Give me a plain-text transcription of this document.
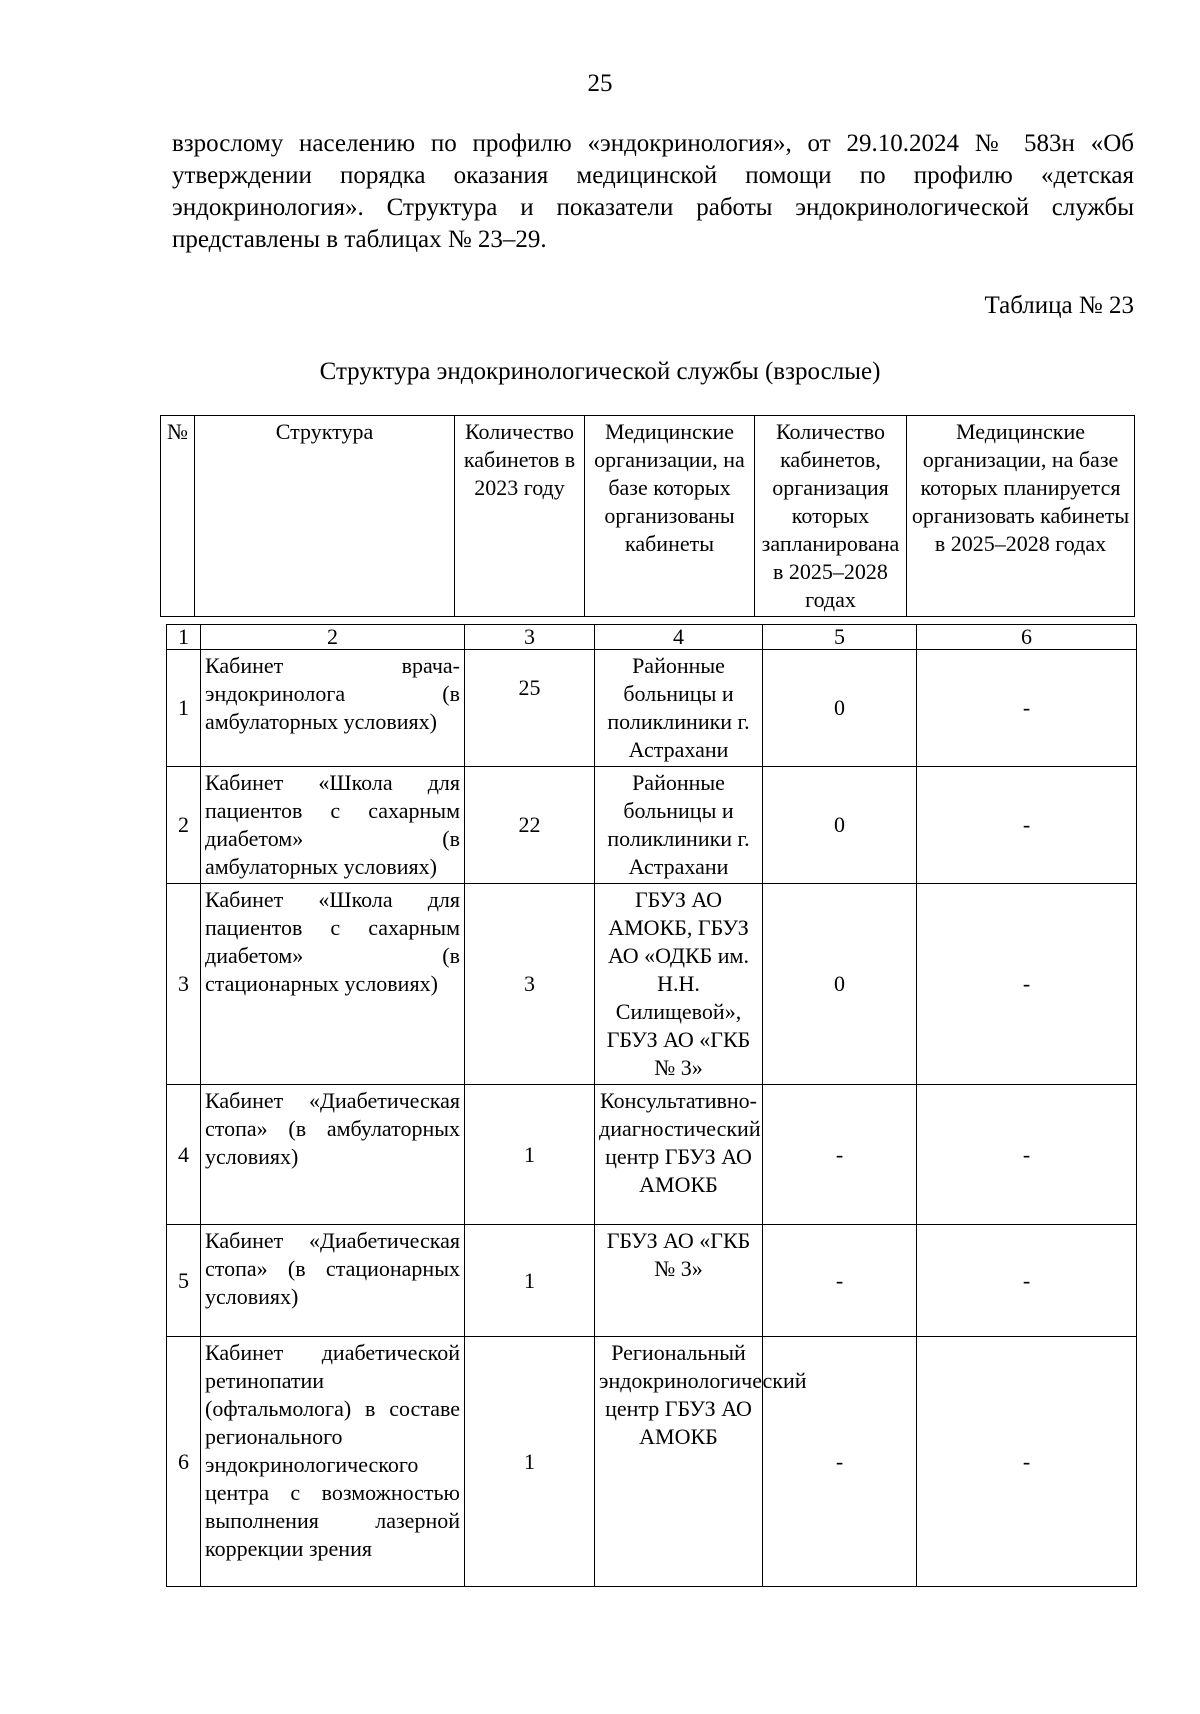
25
взрослому населению по профилю «эндокринология», от 29.10.2024 № 583н «Об утверждении порядка оказания медицинской помощи по профилю «детская эндокринология». Структура и показатели работы эндокринологической службы представлены в таблицах № 23–29.
Таблица № 23
Структура эндокринологической службы (взрослые)
№	Структура	Количество кабинетов в 2023 году	Медицинские организации, на базе которых организованы кабинеты	Количество кабинетов, организация которых запланирована в 2025–2028 годах	Медицинские организации, на базе которых планируется организовать кабинеты в 2025–2028 годах
1	2	3	4	5	6
1	Кабинет врача-эндокринолога (в амбулаторных условиях)	25	Районные больницы и поликлиники г. Астрахани	0	-
2	Кабинет «Школа для пациентов с сахарным диабетом» (в амбулаторных условиях)	22	Районные больницы и поликлиники г. Астрахани	0	-
3	Кабинет «Школа для пациентов с сахарным диабетом» (в стационарных условиях)	3	ГБУЗ АО АМОКБ, ГБУЗ АО «ОДКБ им. Н.Н. Силищевой», ГБУЗ АО «ГКБ № 3»	0	-
4	Кабинет «Диабетическая стопа» (в амбулаторных условиях)	1	Консультативно-диагностический центр ГБУЗ АО АМОКБ	-	-
5	Кабинет «Диабетическая стопа» (в стационарных условиях)	1	ГБУЗ АО «ГКБ № 3»	-	-
6	Кабинет диабетической ретинопатии (офтальмолога) в составе регионального эндокринологического центра с возможностью выполнения лазерной коррекции зрения	1	Региональный эндокринологический центр ГБУЗ АО АМОКБ	-	-
